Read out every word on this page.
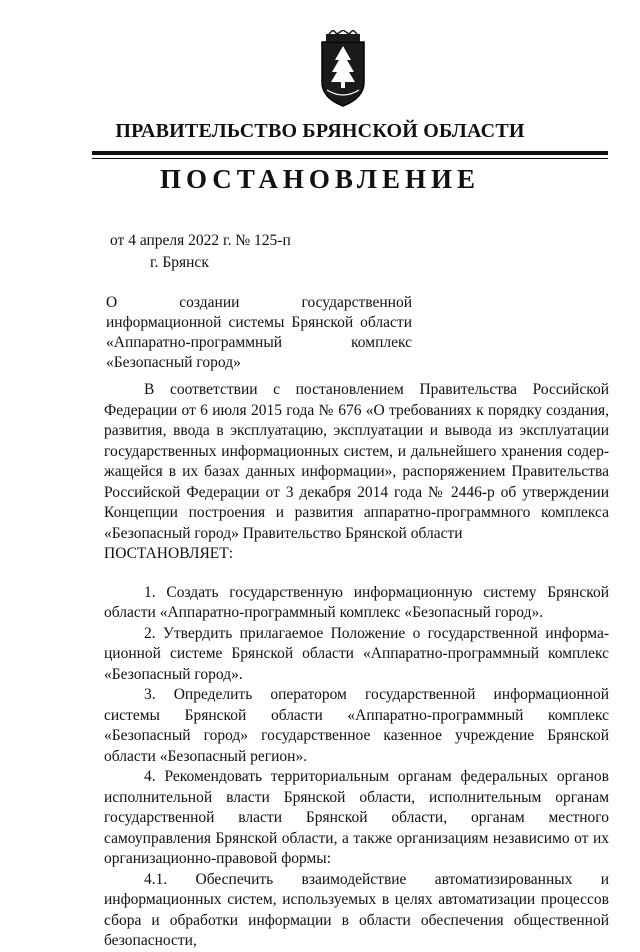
ПРАВИТЕЛЬСТВО БРЯНСКОЙ ОБЛАСТИ
ПОСТАНОВЛЕНИЕ
от 4 апреля 2022 г. № 125-п
г. Брянск
О создании государственной информационной системы Брянской области «Аппаратно-программный комплекс «Безопасный город»

В соответствии с постановлением Правительства Российской Федерации от 6 июля 2015 года № 676 «О требованиях к порядку создания, развития, ввода в эксплуатацию, эксплуатации и вывода из эксплуатации государственных информационных систем, и дальнейшего хранения содержащейся в их базах данных информации», распоряжением Правительства Российской Федерации от 3 декабря 2014 года № 2446-р об утверждении Концепции построения и развития аппаратно-программного комплекса «Безопасный город» Правительство Брянской области

ПОСТАНОВЛЯЕТ:

1. Создать государственную информационную систему Брянской области «Аппаратно-программный комплекс «Безопасный город».

2. Утвердить прилагаемое Положение о государственной информационной системе Брянской области «Аппаратно-программный комплекс «Безопасный город».

3. Определить оператором государственной информационной системы Брянской области «Аппаратно-программный комплекс «Безопасный город» государственное казенное учреждение Брянской области «Безопасный регион».

4. Рекомендовать территориальным органам федеральных органов исполнительной власти Брянской области, исполнительным органам государственной власти Брянской области, органам местного самоуправления Брянской области, а также организациям независимо от их организационно-правовой формы:

4.1. Обеспечить взаимодействие автоматизированных и информационных систем, используемых в целях автоматизации процессов сбора и обработки информации в области обеспечения общественной безопасности,
